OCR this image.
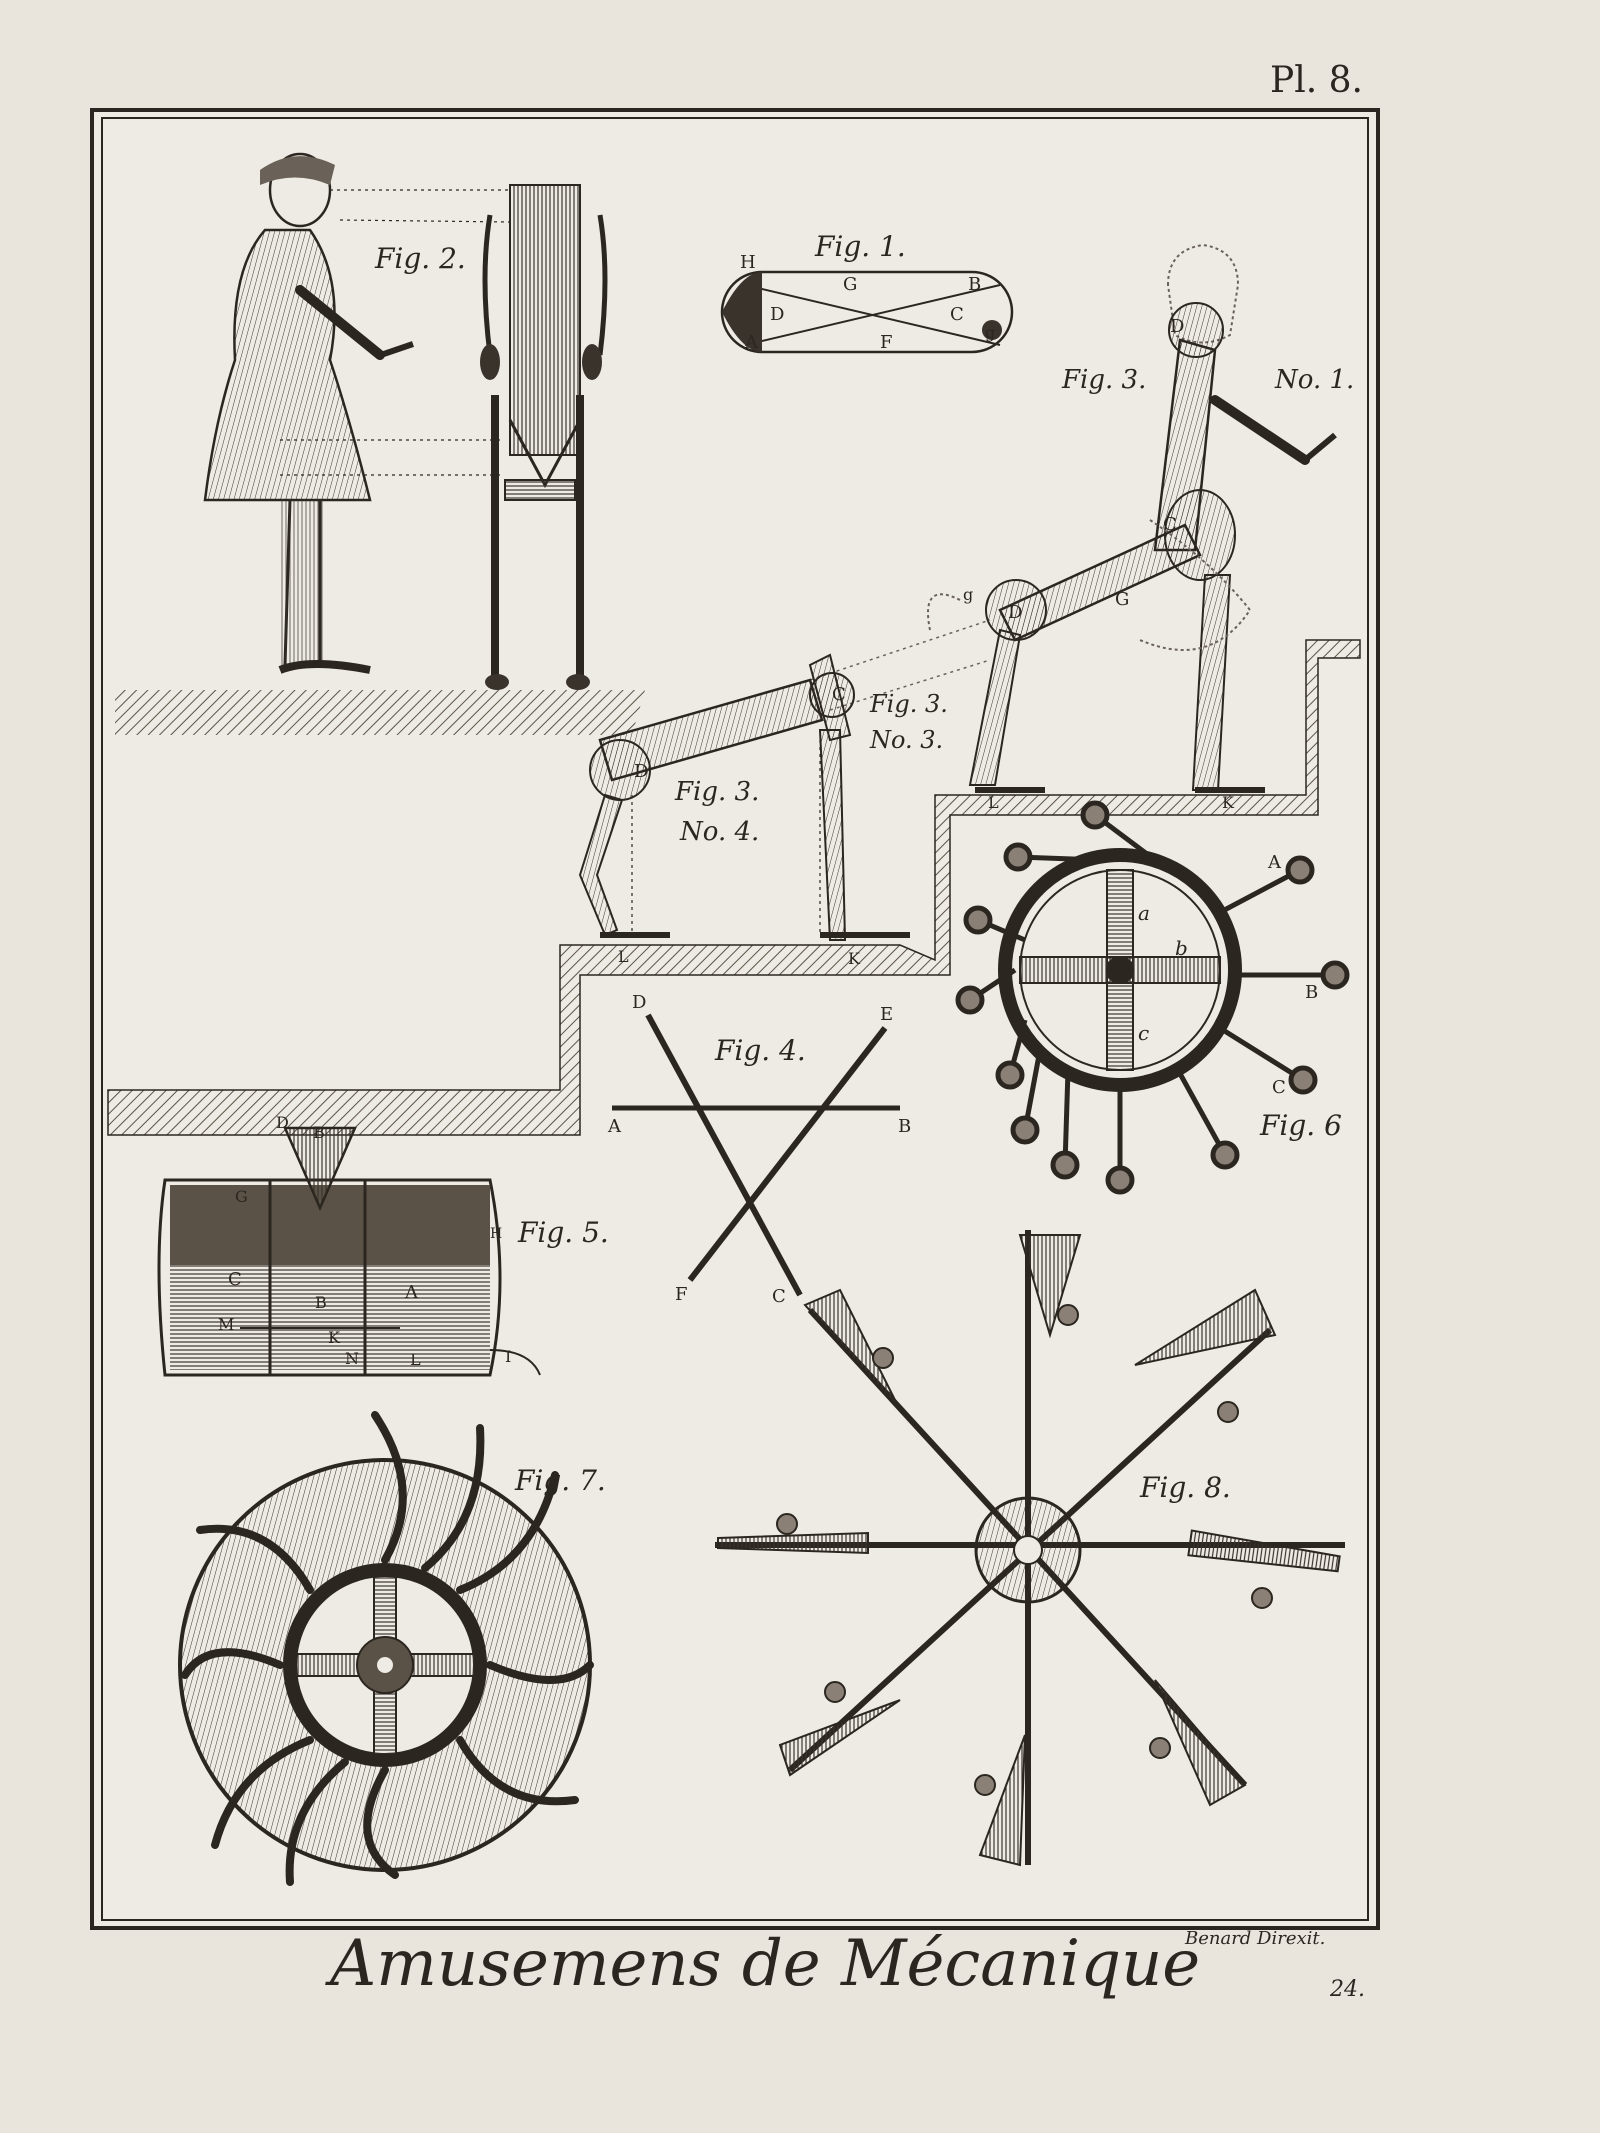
Pl. 8.
Amusemens de Mécanique
Benard Direxit.
24.
Fig. 2.	Fig. 1.
H
G	B
D	C
A	F	g
Fig. 3.	No. 1.
D
C
G
D
g
L	K
Fig. 3.
No. 3.
C
Fig. 3.
No. 4.
D
L	K
Fig. 4.
D
E
A	B
F	C
Fig. 6
A
B
C
a
b
c
Fig. 5.
D
B
G
C
B	A
M
K
N	L	I
H
Fig. 7.	Fig. 8.
